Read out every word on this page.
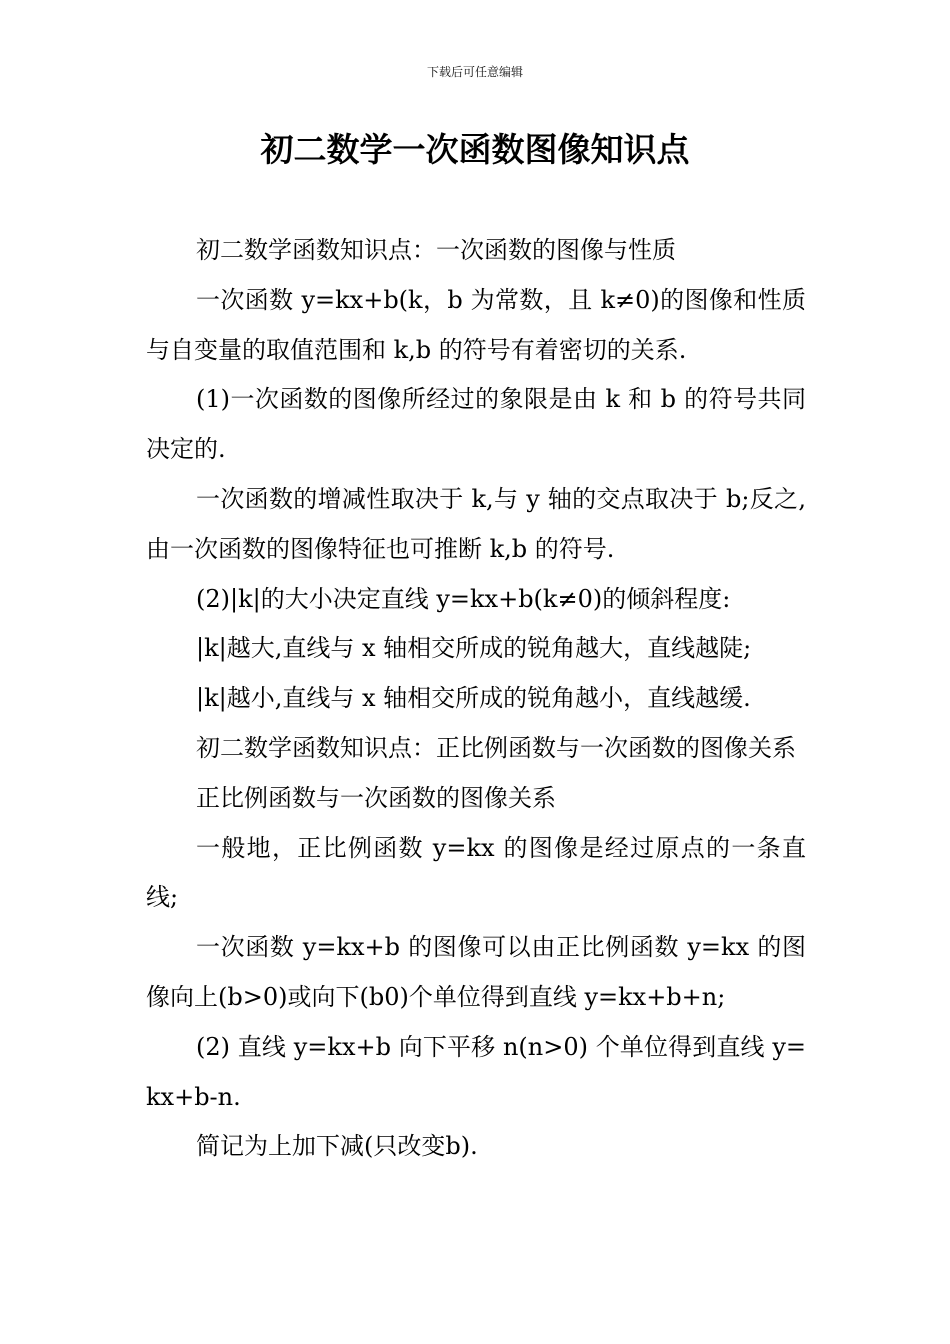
下载后可任意编辑
初二数学一次函数图像知识点

初二数学函数知识点：一次函数的图像与性质

一次函数 y=kx+b(k，b 为常数，且 k≠0)的图像和性质与自变量的取值范围和 k,b 的符号有着密切的关系.

(1)一次函数的图像所经过的象限是由 k 和 b 的符号共同决定的.

一次函数的增减性取决于 k,与 y 轴的交点取决于 b;反之,由一次函数的图像特征也可推断 k,b 的符号.

(2)|k|的大小决定直线 y=kx+b(k≠0)的倾斜程度:

|k|越大,直线与 x 轴相交所成的锐角越大，直线越陡;

|k|越小,直线与 x 轴相交所成的锐角越小，直线越缓.

初二数学函数知识点：正比例函数与一次函数的图像关系

正比例函数与一次函数的图像关系

一般地，正比例函数 y=kx 的图像是经过原点的一条直线;

一次函数 y=kx+b 的图像可以由正比例函数 y=kx 的图像向上(b>0)或向下(b0)个单位得到直线 y=kx+b+n;

(2) 直线 y=kx+b 向下平移 n(n>0) 个单位得到直线 y=kx+b-n.

简记为上加下减(只改变b).
